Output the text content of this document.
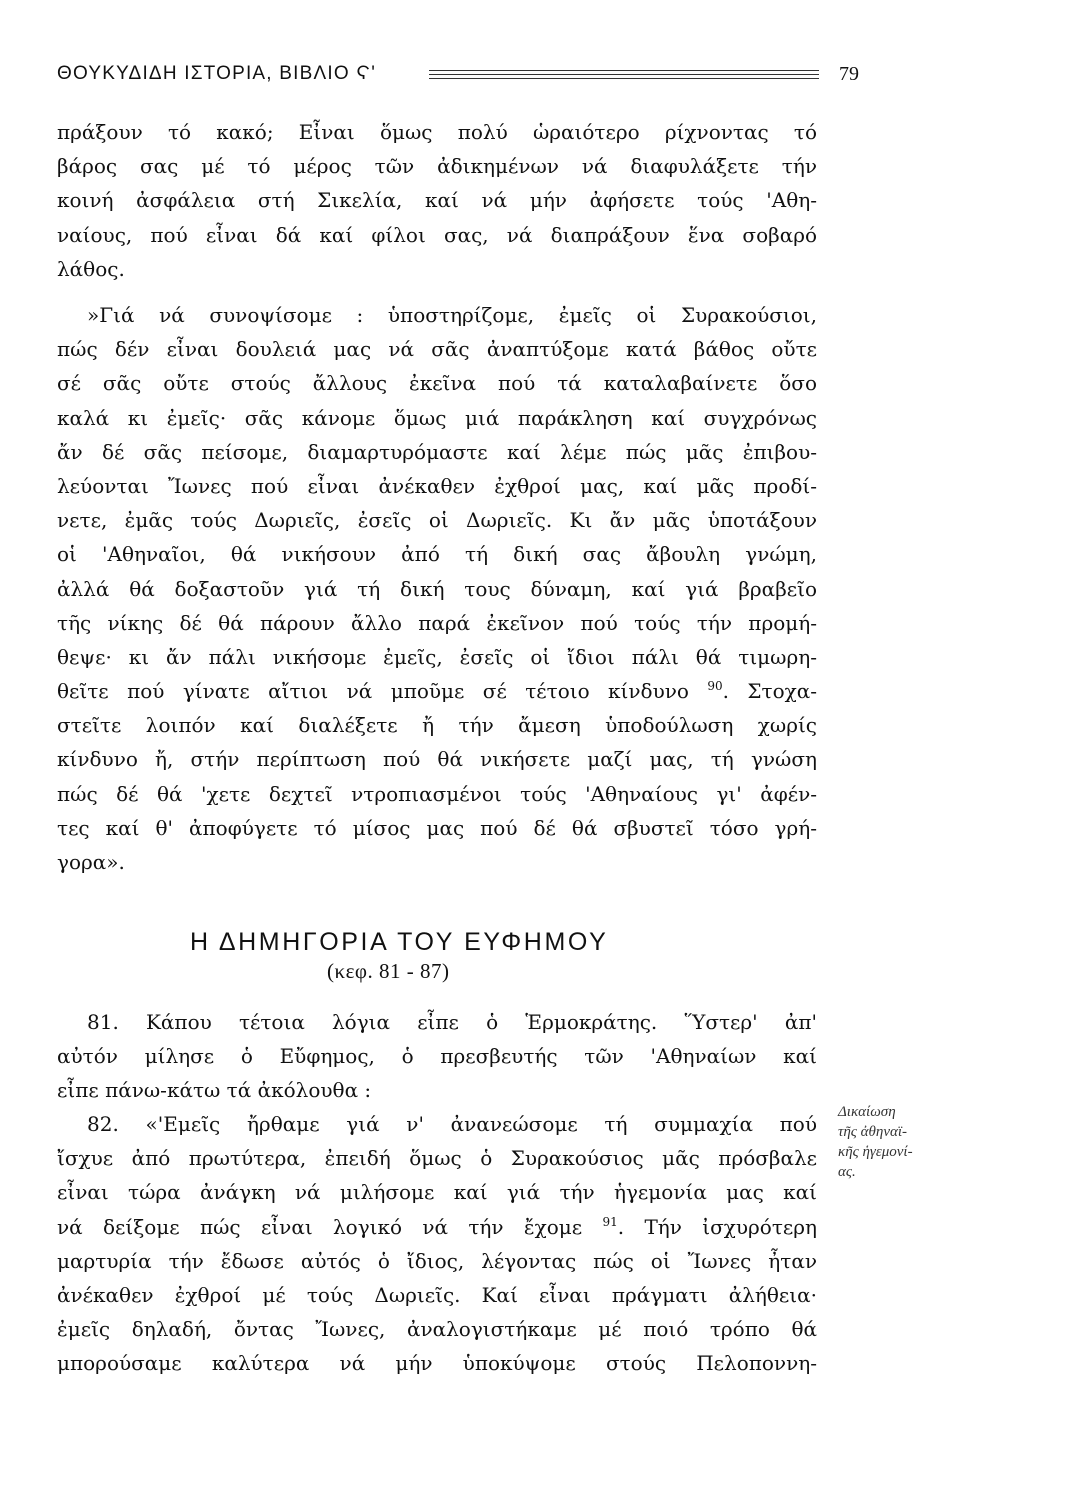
ΘΟΥΚΥΔΙΔΗ ΙΣΤΟΡΙΑ, ΒΙΒΛΙΟ Ϛ'	79
πράξουν τό κακό; Εἶναι ὅμως πολύ ὡραιότερο ρίχνοντας τό
βάρος σας μέ τό μέρος τῶν ἀδικημένων νά διαφυλάξετε τήν
κοινή ἀσφάλεια στή Σικελία, καί νά μήν ἀφήσετε τούς 'Αθη-
ναίους, πού εἶναι δά καί φίλοι σας, νά διαπράξουν ἕνα σοβαρό
λάθος.
»Γιά νά συνοψίσομε : ὑποστηρίζομε, ἐμεῖς οἱ Συρακούσιοι,
πώς δέν εἶναι δουλειά μας νά σᾶς ἀναπτύξομε κατά βάθος οὔτε
σέ σᾶς οὔτε στούς ἄλλους ἐκεῖνα πού τά καταλαβαίνετε ὅσο
καλά κι ἐμεῖς· σᾶς κάνομε ὅμως μιά παράκληση καί συγχρόνως
ἄν δέ σᾶς πείσομε, διαμαρτυρόμαστε καί λέμε πώς μᾶς ἐπιβου-
λεύονται Ἴωνες πού εἶναι ἀνέκαθεν ἐχθροί μας, καί μᾶς προδί-
νετε, ἐμᾶς τούς Δωριεῖς, ἐσεῖς οἱ Δωριεῖς. Κι ἄν μᾶς ὑποτάξουν
οἱ 'Αθηναῖοι, θά νικήσουν ἀπό τή δική σας ἄβουλη γνώμη,
ἀλλά θά δοξαστοῦν γιά τή δική τους δύναμη, καί γιά βραβεῖο
τῆς νίκης δέ θά πάρουν ἄλλο παρά ἐκεῖνον πού τούς τήν προμή-
θεψε· κι ἄν πάλι νικήσομε ἐμεῖς, ἐσεῖς οἱ ἴδιοι πάλι θά τιμωρη-
θεῖτε πού γίνατε αἴτιοι νά μποῦμε σέ τέτοιο κίνδυνο $^{90}$. Στοχα-
στεῖτε λοιπόν καί διαλέξετε ἤ τήν ἄμεση ὑποδούλωση χωρίς
κίνδυνο ἤ, στήν περίπτωση πού θά νικήσετε μαζί μας, τή γνώση
πώς δέ θά 'χετε δεχτεῖ ντροπιασμένοι τούς 'Αθηναίους γι' ἀφέν-
τες καί θ' ἀποφύγετε τό μίσος μας πού δέ θά σβυστεῖ τόσο γρή-
γορα».
Η ΔΗΜΗΓΟΡΙΑ ΤΟΥ ΕΥΦΗΜΟΥ
(κεφ. 81 - 87)
81. Κάπου τέτοια λόγια εἶπε ὁ Ἑρμοκράτης. Ὕστερ' ἀπ'
αὐτόν μίλησε ὁ Εὔφημος, ὁ πρεσβευτής τῶν 'Αθηναίων καί
εἶπε πάνω-κάτω τά ἀκόλουθα :
82. «'Εμεῖς ἤρθαμε γιά ν' ἀνανεώσομε τή συμμαχία πού
ἴσχυε ἀπό πρωτύτερα, ἐπειδή ὅμως ὁ Συρακούσιος μᾶς πρόσβαλε
εἶναι τώρα ἀνάγκη νά μιλήσομε καί γιά τήν ἡγεμονία μας καί
νά δείξομε πώς εἶναι λογικό νά τήν ἔχομε $^{91}$. Τήν ἰσχυρότερη
μαρτυρία τήν ἔδωσε αὐτός ὁ ἴδιος, λέγοντας πώς οἱ Ἴωνες ἦταν
ἀνέκαθεν ἐχθροί μέ τούς Δωριεῖς. Καί εἶναι πράγματι ἀλήθεια·
ἐμεῖς δηλαδή, ὄντας Ἴωνες, ἀναλογιστήκαμε μέ ποιό τρόπο θά
μπορούσαμε καλύτερα νά μήν ὑποκύψομε στούς Πελοποννη-
Δικαίωση
τῆς ἀθηναϊ-
κῆς ἡγεμονί-
ας.
